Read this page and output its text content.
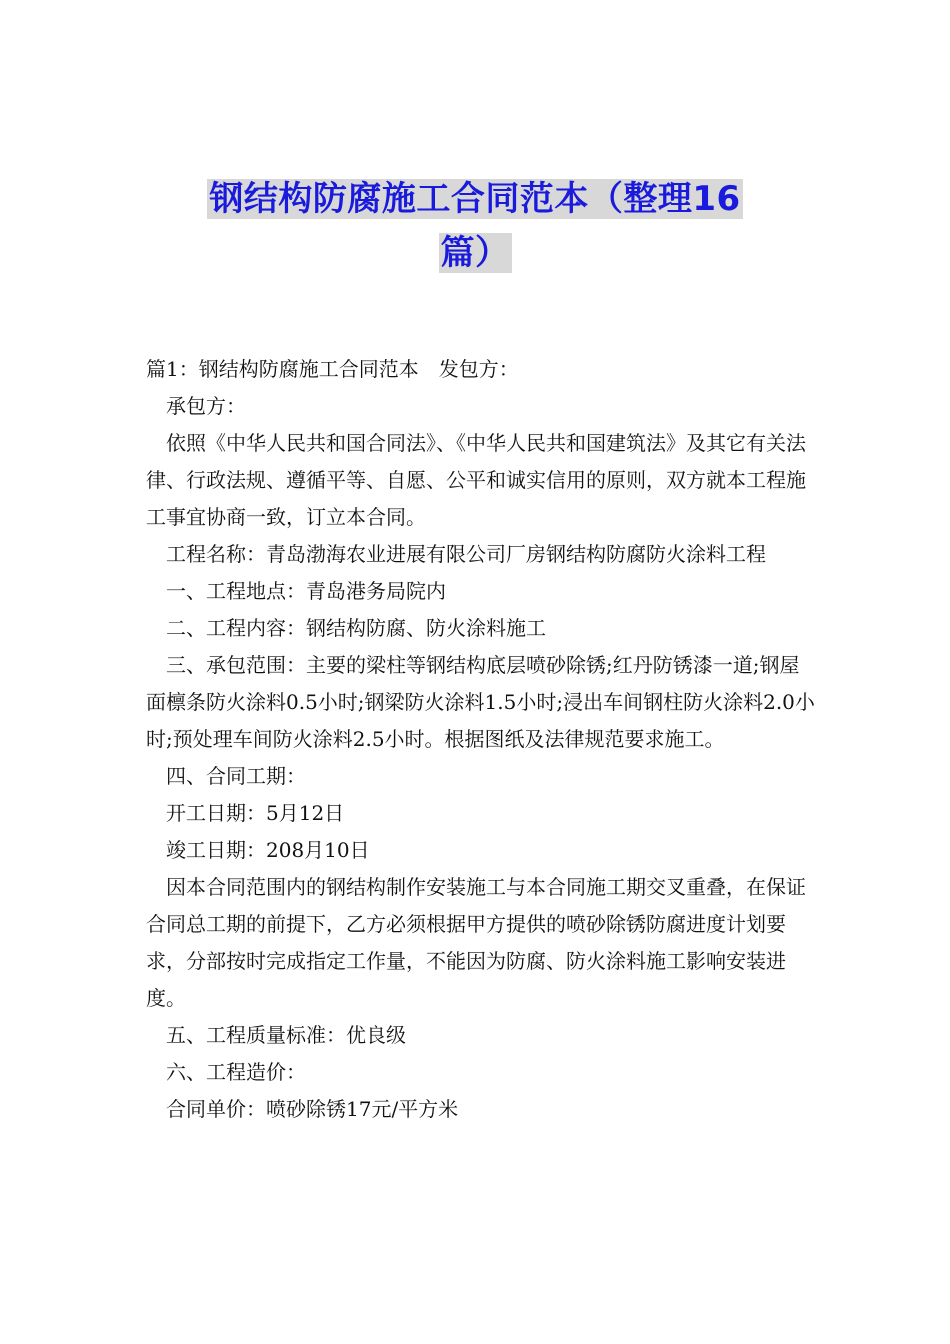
钢结构防腐施工合同范本（整理16
篇）

篇1：钢结构防腐施工合同范本　发包方：

承包方：

依照《中华人民共和国合同法》、《中华人民共和国建筑法》及其它有关法律、行政法规、遵循平等、自愿、公平和诚实信用的原则，双方就本工程施工事宜协商一致，订立本合同。

工程名称：青岛渤海农业进展有限公司厂房钢结构防腐防火涂料工程

一、工程地点：青岛港务局院内

二、工程内容：钢结构防腐、防火涂料施工

三、承包范围：主要的梁柱等钢结构底层喷砂除锈;红丹防锈漆一道;钢屋面檩条防火涂料0.5小时;钢梁防火涂料1.5小时;浸出车间钢柱防火涂料2.0小时;预处理车间防火涂料2.5小时。根据图纸及法律规范要求施工。

四、合同工期：

开工日期：5月12日

竣工日期：208月10日

因本合同范围内的钢结构制作安装施工与本合同施工期交叉重叠，在保证合同总工期的前提下，乙方必须根据甲方提供的喷砂除锈防腐进度计划要求，分部按时完成指定工作量，不能因为防腐、防火涂料施工影响安装进度。

五、工程质量标准：优良级

六、工程造价：

合同单价：喷砂除锈17元/平方米
